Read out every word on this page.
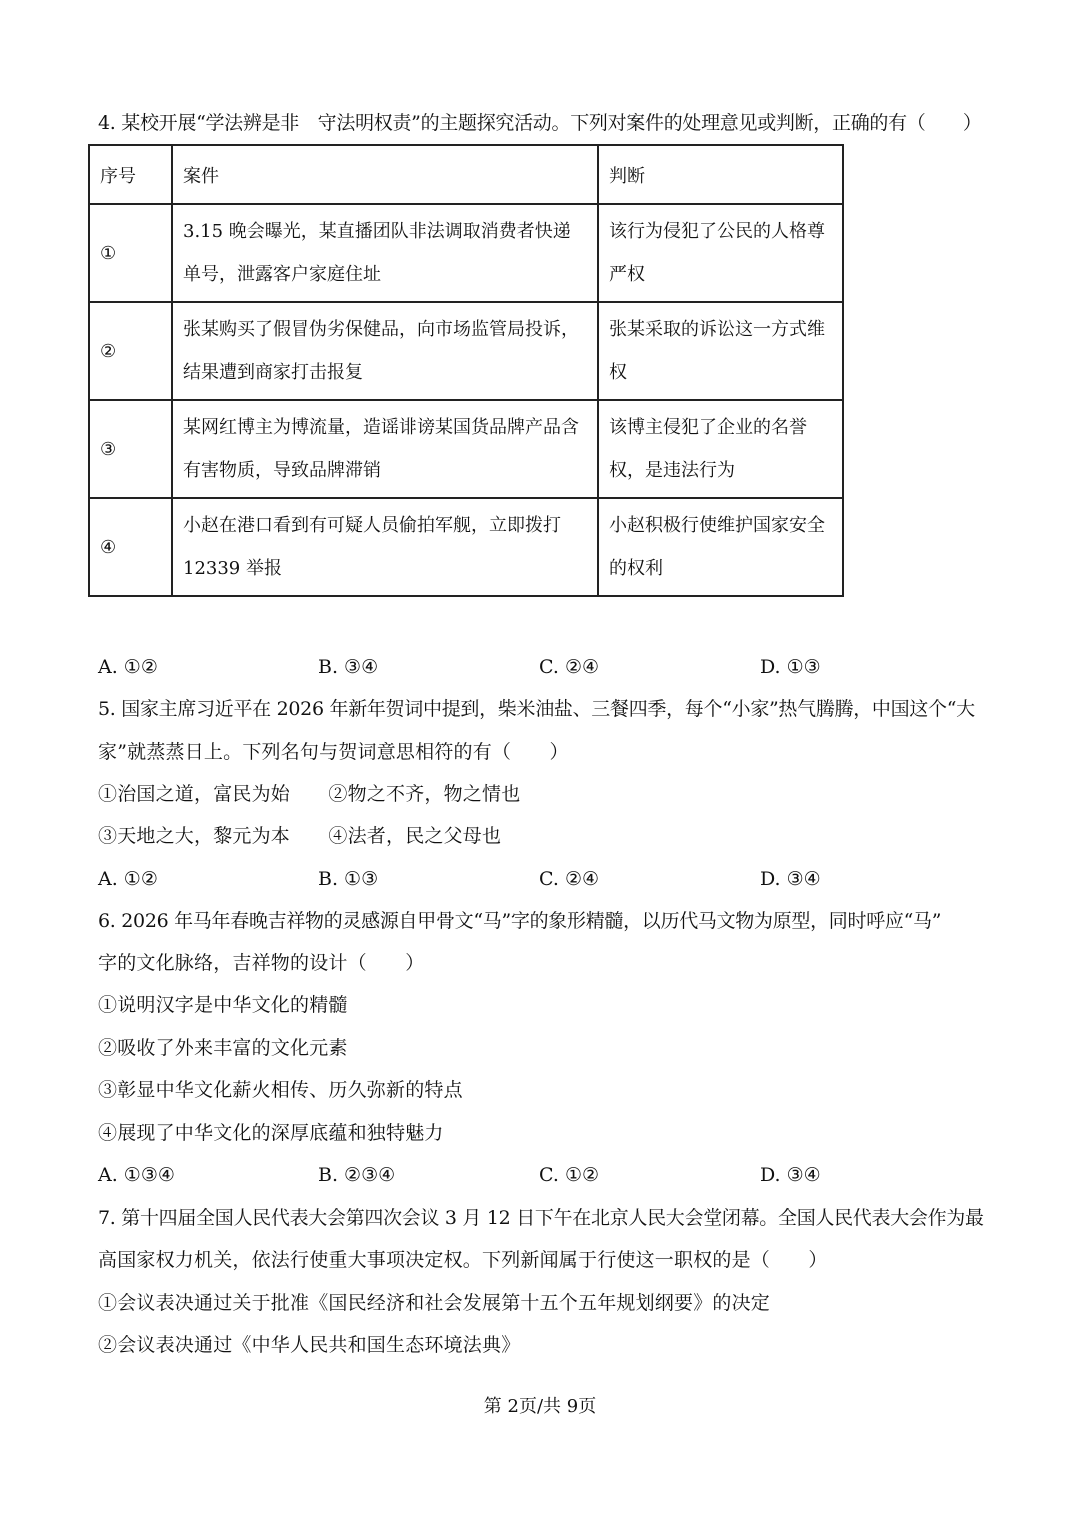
4. 某校开展“学法辨是非　守法明权责”的主题探究活动。下列对案件的处理意见或判断，正确的有（　　）
序号	案件	判断
①	3.15 晚会曝光，某直播团队非法调取消费者快递单号，泄露客户家庭住址	该行为侵犯了公民的人格尊严权
②	张某购买了假冒伪劣保健品，向市场监管局投诉，结果遭到商家打击报复	张某采取的诉讼这一方式维权
③	某网红博主为博流量，造谣诽谤某国货品牌产品含有害物质，导致品牌滞销	该博主侵犯了企业的名誉权，是违法行为
④	小赵在港口看到有可疑人员偷拍军舰，立即拨打12339 举报	小赵积极行使维护国家安全的权利
A. ①②	B. ③④	C. ②④	D. ①③
5. 国家主席习近平在 2026 年新年贺词中提到，柴米油盐、三餐四季，每个“小家”热气腾腾，中国这个“大
家”就蒸蒸日上。下列名句与贺词意思相符的有（　　）
①治国之道，富民为始　　②物之不齐，物之情也
③天地之大，黎元为本　　④法者，民之父母也
A. ①②	B. ①③	C. ②④	D. ③④
6. 2026 年马年春晚吉祥物的灵感源自甲骨文“马”字的象形精髓，以历代马文物为原型，同时呼应“马”
字的文化脉络，吉祥物的设计（　　）
①说明汉字是中华文化的精髓
②吸收了外来丰富的文化元素
③彰显中华文化薪火相传、历久弥新的特点
④展现了中华文化的深厚底蕴和独特魅力
A. ①③④	B. ②③④	C. ①②	D. ③④
7. 第十四届全国人民代表大会第四次会议 3 月 12 日下午在北京人民大会堂闭幕。全国人民代表大会作为最
高国家权力机关，依法行使重大事项决定权。下列新闻属于行使这一职权的是（　　）
①会议表决通过关于批准《国民经济和社会发展第十五个五年规划纲要》的决定
②会议表决通过《中华人民共和国生态环境法典》
第 2页/共 9页
